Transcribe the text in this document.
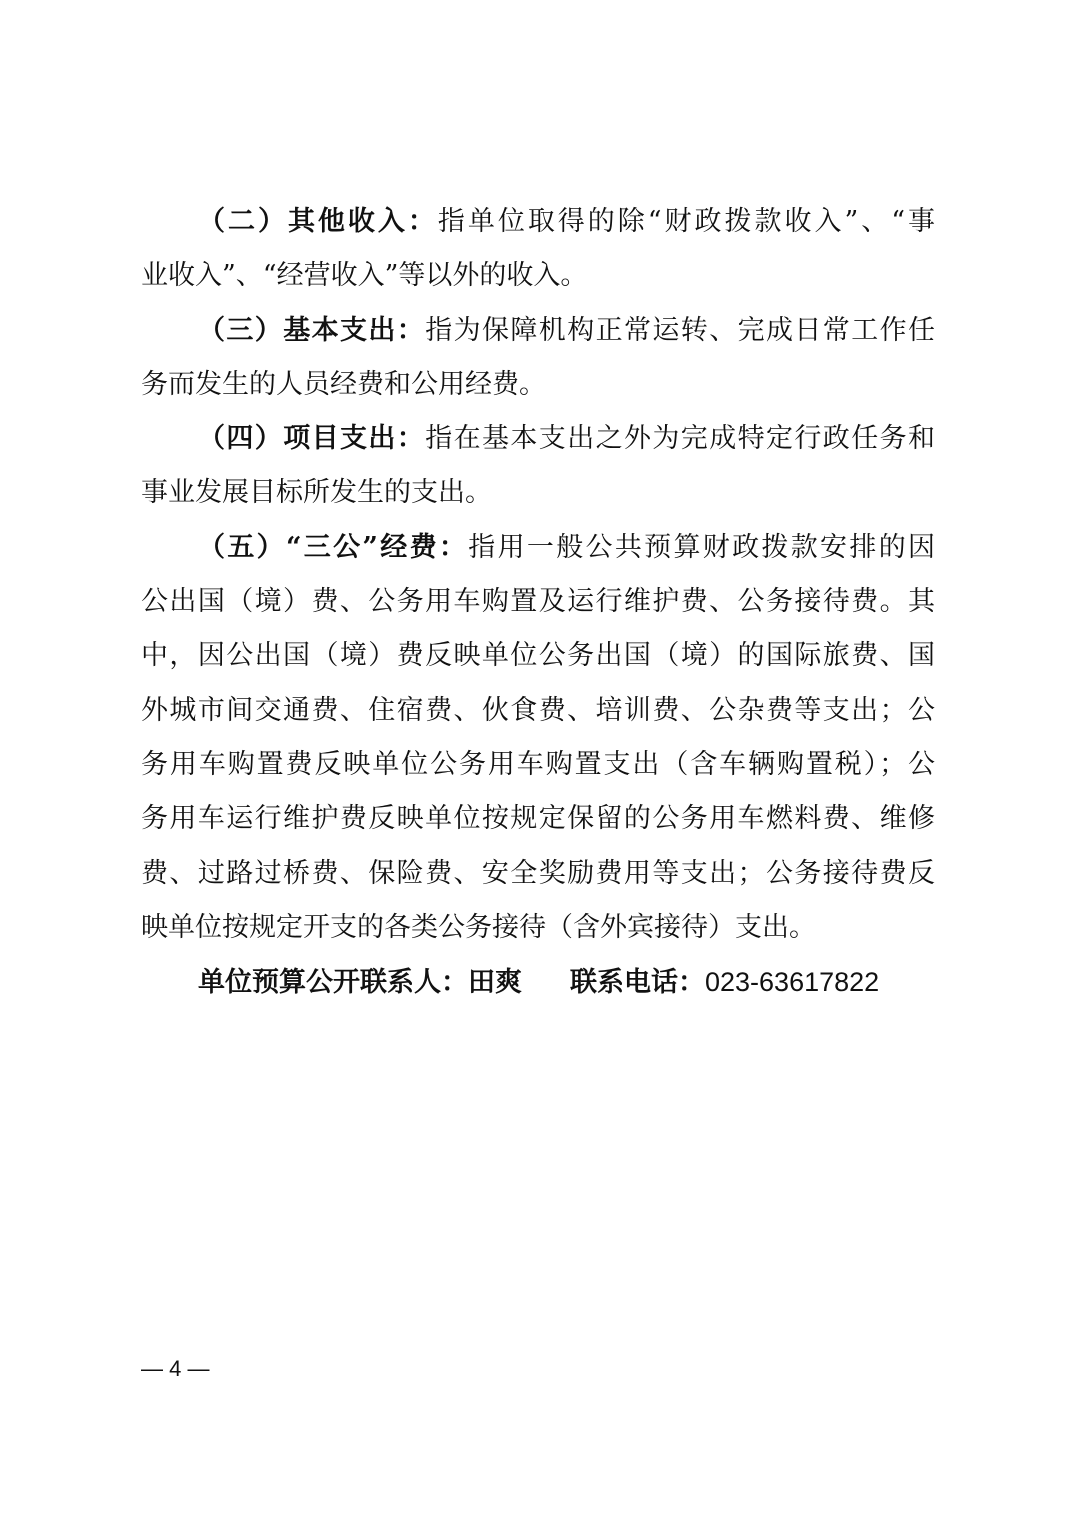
（二）其他收入：指单位取得的除“财政拨款收入”、“事
业收入”、“经营收入”等以外的收入。
（三）基本支出：指为保障机构正常运转、完成日常工作任
务而发生的人员经费和公用经费。
（四）项目支出：指在基本支出之外为完成特定行政任务和
事业发展目标所发生的支出。
（五）“三公”经费：指用一般公共预算财政拨款安排的因
公出国（境）费、公务用车购置及运行维护费、公务接待费。其
中，因公出国（境）费反映单位公务出国（境）的国际旅费、国
外城市间交通费、住宿费、伙食费、培训费、公杂费等支出；公
务用车购置费反映单位公务用车购置支出（含车辆购置税）；公
务用车运行维护费反映单位按规定保留的公务用车燃料费、维修
费、过路过桥费、保险费、安全奖励费用等支出；公务接待费反
映单位按规定开支的各类公务接待（含外宾接待）支出。
单位预算公开联系人：田爽 联系电话：023-63617822
— 4 —
